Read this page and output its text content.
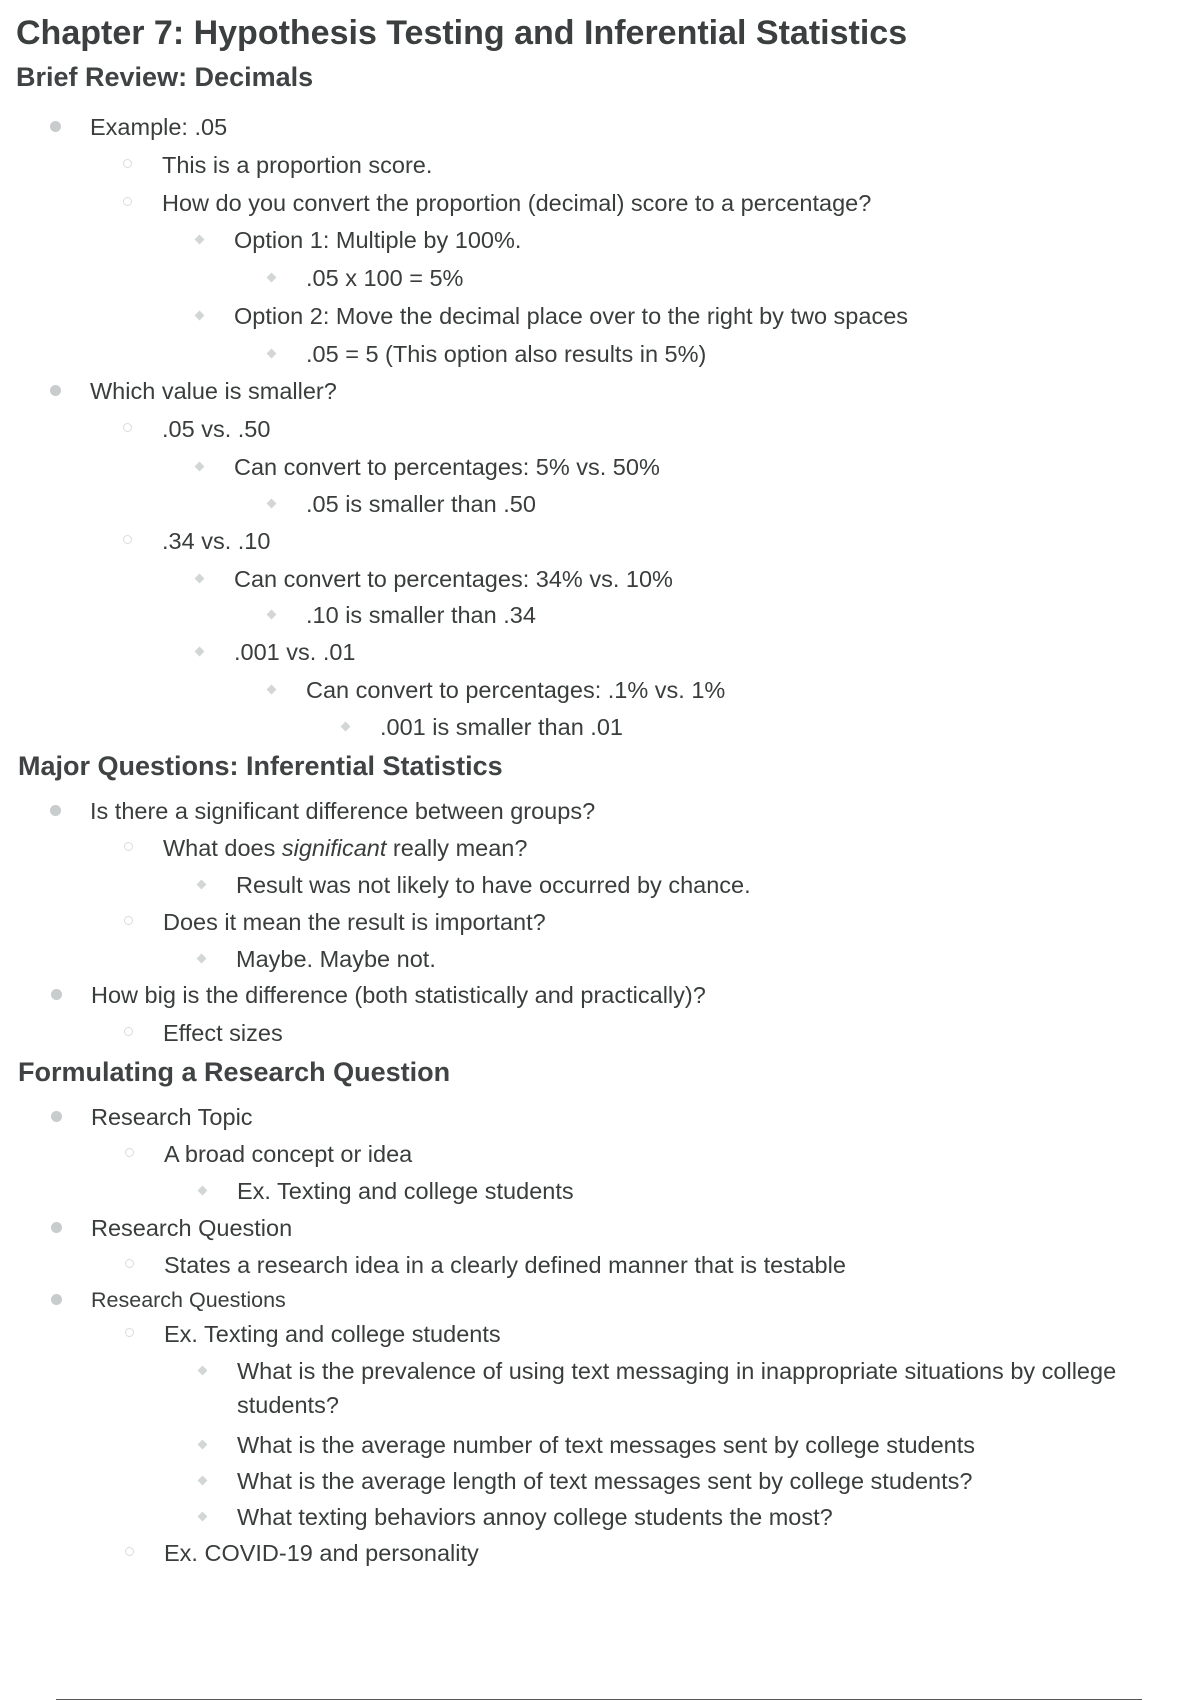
Chapter 7: Hypothesis Testing and Inferential Statistics
Brief Review: Decimals
Example: .05
This is a proportion score.
How do you convert the proportion (decimal) score to a percentage?
Option 1: Multiple by 100%.
.05 x 100 = 5%
Option 2: Move the decimal place over to the right by two spaces
.05 = 5 (This option also results in 5%)
Which value is smaller?
.05 vs. .50
Can convert to percentages: 5% vs. 50%
.05 is smaller than .50
.34 vs. .10
Can convert to percentages: 34% vs. 10%
.10 is smaller than .34
.001 vs. .01
Can convert to percentages: .1% vs. 1%
.001 is smaller than .01
Major Questions: Inferential Statistics
Is there a significant difference between groups?
What does significant really mean?
Result was not likely to have occurred by chance.
Does it mean the result is important?
Maybe. Maybe not.
How big is the difference (both statistically and practically)?
Effect sizes
Formulating a Research Question
Research Topic
A broad concept or idea
Ex. Texting and college students
Research Question
States a research idea in a clearly defined manner that is testable
Research Questions
Ex. Texting and college students
What is the prevalence of using text messaging in inappropriate situations by college students?
What is the average number of text messages sent by college students
What is the average length of text messages sent by college students?
What texting behaviors annoy college students the most?
Ex. COVID-19 and personality
